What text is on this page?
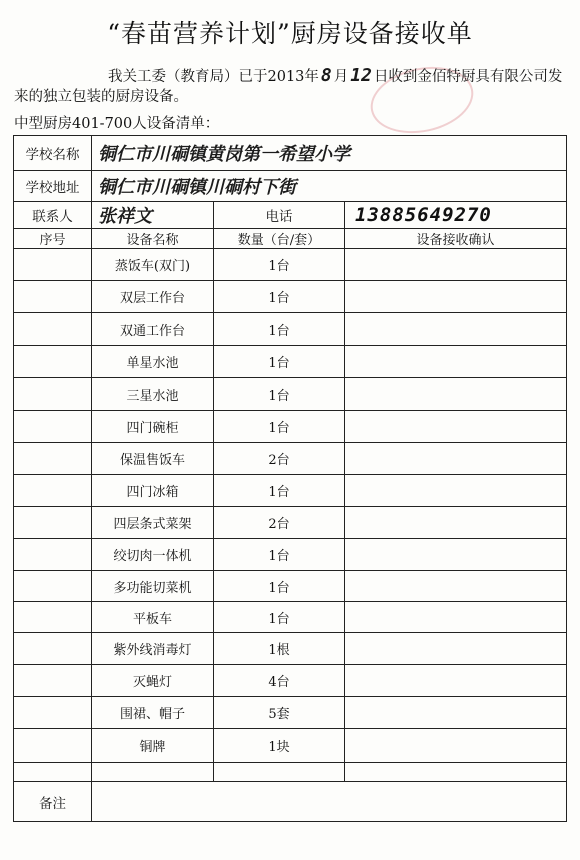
“春苗营养计划”厨房设备接收单
我关工委（教育局）已于2013年 8 月 12 日收到金佰特厨具有限公司发来的独立包装的厨房设备。
中型厨房401-700人设备清单：
学校名称	铜仁市川硐镇黄岗第一希望小学		
学校地址	铜仁市川硐镇川硐村下街		
联系人	张祥文	电话	13885649270
序号	设备名称	数量（台/套）	设备接收确认
	蒸饭车(双门)	1台	
	双层工作台	1台	
	双通工作台	1台	
	单星水池	1台	
	三星水池	1台	
	四门碗柜	1台	
	保温售饭车	2台	
	四门冰箱	1台	
	四层条式菜架	2台	
	绞切肉一体机	1台	
	多功能切菜机	1台	
	平板车	1台	
	紫外线消毒灯	1根	
	灭蝇灯	4台	
	围裙、帽子	5套	
	铜牌	1块	

备注			
